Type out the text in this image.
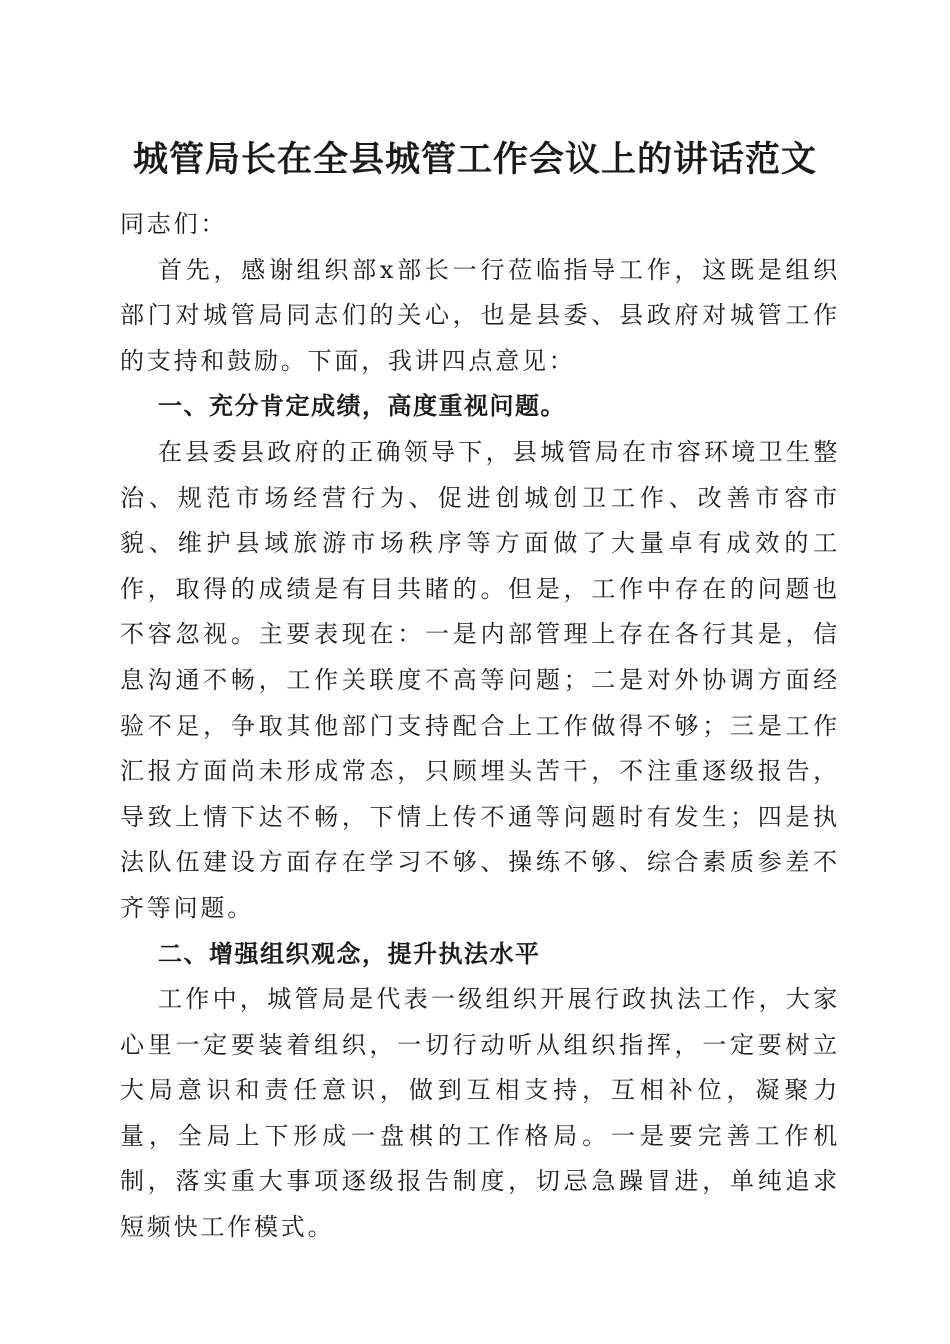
城管局长在全县城管工作会议上的讲话范文

同志们：

首先，感谢组织部x部长一行莅临指导工作，这既是组织部门对城管局同志们的关心，也是县委、县政府对城管工作的支持和鼓励。下面，我讲四点意见：

一、充分肯定成绩，高度重视问题。

在县委县政府的正确领导下，县城管局在市容环境卫生整治、规范市场经营行为、促进创城创卫工作、改善市容市貌、维护县域旅游市场秩序等方面做了大量卓有成效的工作，取得的成绩是有目共睹的。但是，工作中存在的问题也不容忽视。主要表现在：一是内部管理上存在各行其是，信息沟通不畅，工作关联度不高等问题；二是对外协调方面经验不足，争取其他部门支持配合上工作做得不够；三是工作汇报方面尚未形成常态，只顾埋头苦干，不注重逐级报告，导致上情下达不畅，下情上传不通等问题时有发生；四是执法队伍建设方面存在学习不够、操练不够、综合素质参差不齐等问题。

二、增强组织观念，提升执法水平

工作中，城管局是代表一级组织开展行政执法工作，大家心里一定要装着组织，一切行动听从组织指挥，一定要树立大局意识和责任意识，做到互相支持，互相补位，凝聚力量，全局上下形成一盘棋的工作格局。一是要完善工作机制，落实重大事项逐级报告制度，切忌急躁冒进，单纯追求短频快工作模式。
